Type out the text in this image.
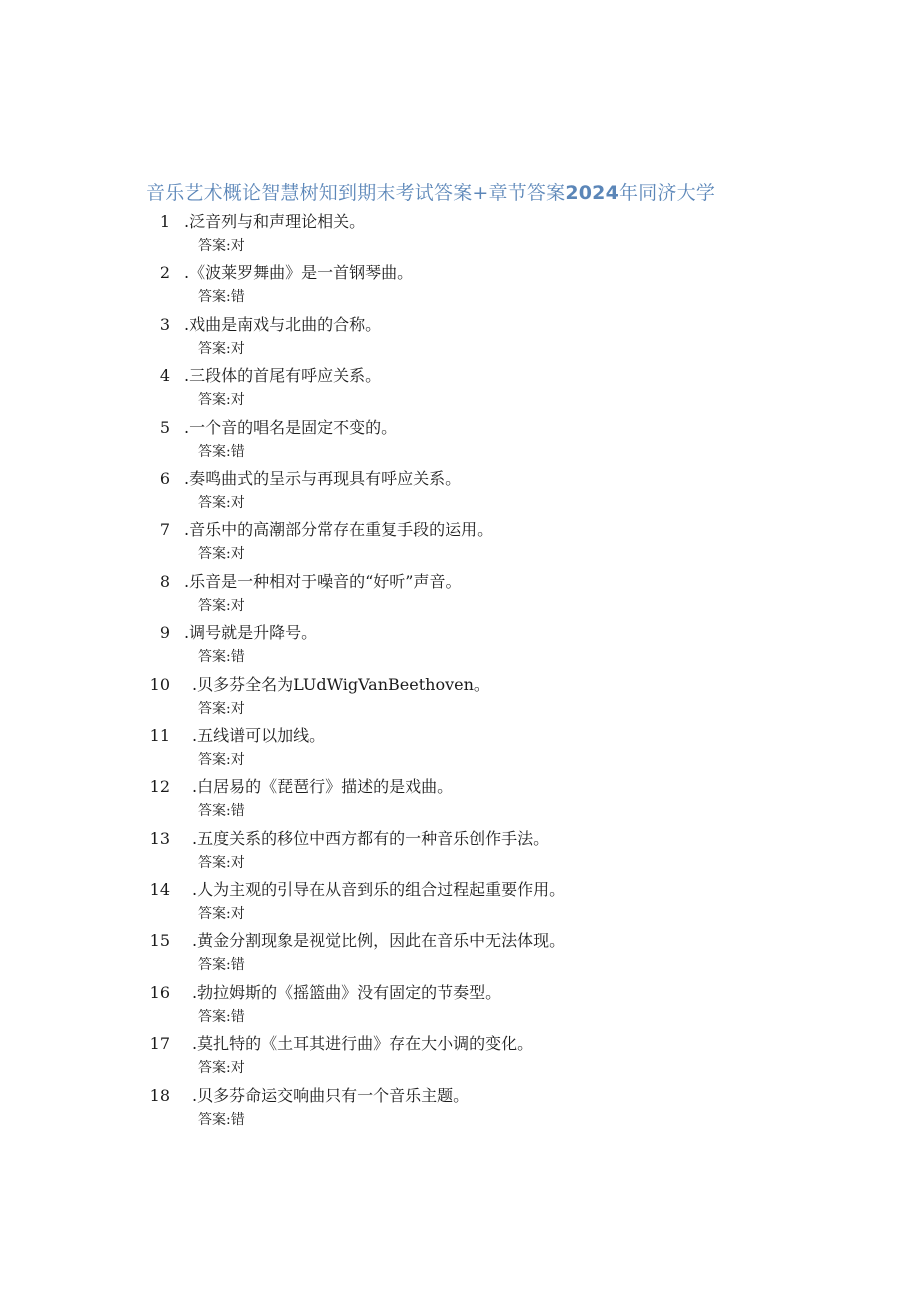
音乐艺术概论智慧树知到期末考试答案+章节答案2024年同济大学
1 .泛音列与和声理论相关。
答案:对
2 .《波莱罗舞曲》是一首钢琴曲。
答案:错
3 .戏曲是南戏与北曲的合称。
答案:对
4 .三段体的首尾有呼应关系。
答案:对
5 .一个音的唱名是固定不变的。
答案:错
6 .奏鸣曲式的呈示与再现具有呼应关系。
答案:对
7 .音乐中的高潮部分常存在重复手段的运用。
答案:对
8 .乐音是一种相对于噪音的“好听”声音。
答案:对
9 .调号就是升降号。
答案:错
10 .贝多芬全名为LUdWigVanBeethoven。
答案:对
11 .五线谱可以加线。
答案:对
12 .白居易的《琵琶行》描述的是戏曲。
答案:错
13 .五度关系的移位中西方都有的一种音乐创作手法。
答案:对
14 .人为主观的引导在从音到乐的组合过程起重要作用。
答案:对
15 .黄金分割现象是视觉比例，因此在音乐中无法体现。
答案:错
16 .勃拉姆斯的《摇篮曲》没有固定的节奏型。
答案:错
17 .莫扎特的《土耳其进行曲》存在大小调的变化。
答案:对
18 .贝多芬命运交响曲只有一个音乐主题。
答案:错
